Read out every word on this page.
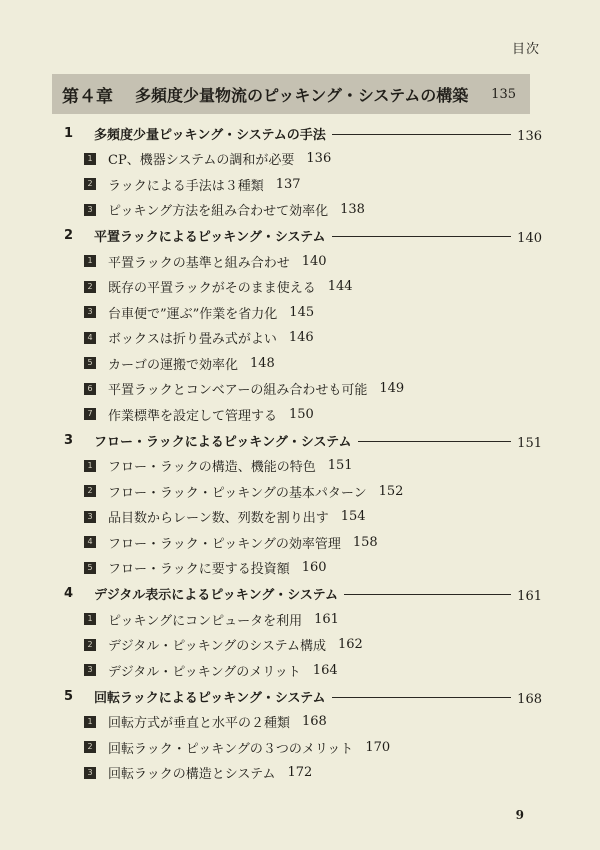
目次
第４章 多頻度少量物流のピッキング・システムの構築	135
1	多頻度少量ピッキング・システムの手法	136
1 CP、機器システムの調和が必要 136
2 ラックによる手法は３種類 137
3 ピッキング方法を組み合わせて効率化 138
2	平置ラックによるピッキング・システム	140
1 平置ラックの基準と組み合わせ 140
2 既存の平置ラックがそのまま使える 144
3 台車便で”運ぶ”作業を省力化 145
4 ボックスは折り畳み式がよい 146
5 カーゴの運搬で効率化 148
6 平置ラックとコンベアーの組み合わせも可能 149
7 作業標準を設定して管理する 150
3	フロー・ラックによるピッキング・システム	151
1 フロー・ラックの構造、機能の特色 151
2 フロー・ラック・ピッキングの基本パターン 152
3 品目数からレーン数、列数を割り出す 154
4 フロー・ラック・ピッキングの効率管理 158
5 フロー・ラックに要する投資額 160
4	デジタル表示によるピッキング・システム	161
1 ピッキングにコンピュータを利用 161
2 デジタル・ピッキングのシステム構成 162
3 デジタル・ピッキングのメリット 164
5	回転ラックによるピッキング・システム	168
1 回転方式が垂直と水平の２種類 168
2 回転ラック・ピッキングの３つのメリット 170
3 回転ラックの構造とシステム 172
9
